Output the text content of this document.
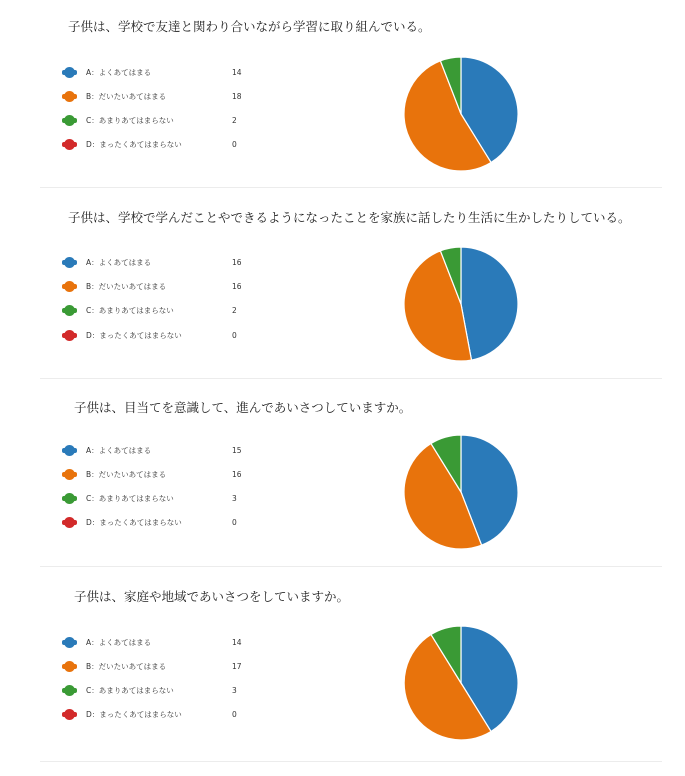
子供は、学校で友達と関わり合いながら学習に取り組んでいる。
A：よくあてはまる	14
B：だいたいあてはまる	18
C：あまりあてはまらない	2
D：まったくあてはまらない	0
子供は、学校で学んだことやできるようになったことを家族に話したり生活に生かしたりしている。
A：よくあてはまる	16
B：だいたいあてはまる	16
C：あまりあてはまらない	2
D：まったくあてはまらない	0
子供は、目当てを意識して、進んであいさつしていますか。
A：よくあてはまる	15
B：だいたいあてはまる	16
C：あまりあてはまらない	3
D：まったくあてはまらない	0
子供は、家庭や地域であいさつをしていますか。
A：よくあてはまる	14
B：だいたいあてはまる	17
C：あまりあてはまらない	3
D：まったくあてはまらない	0
